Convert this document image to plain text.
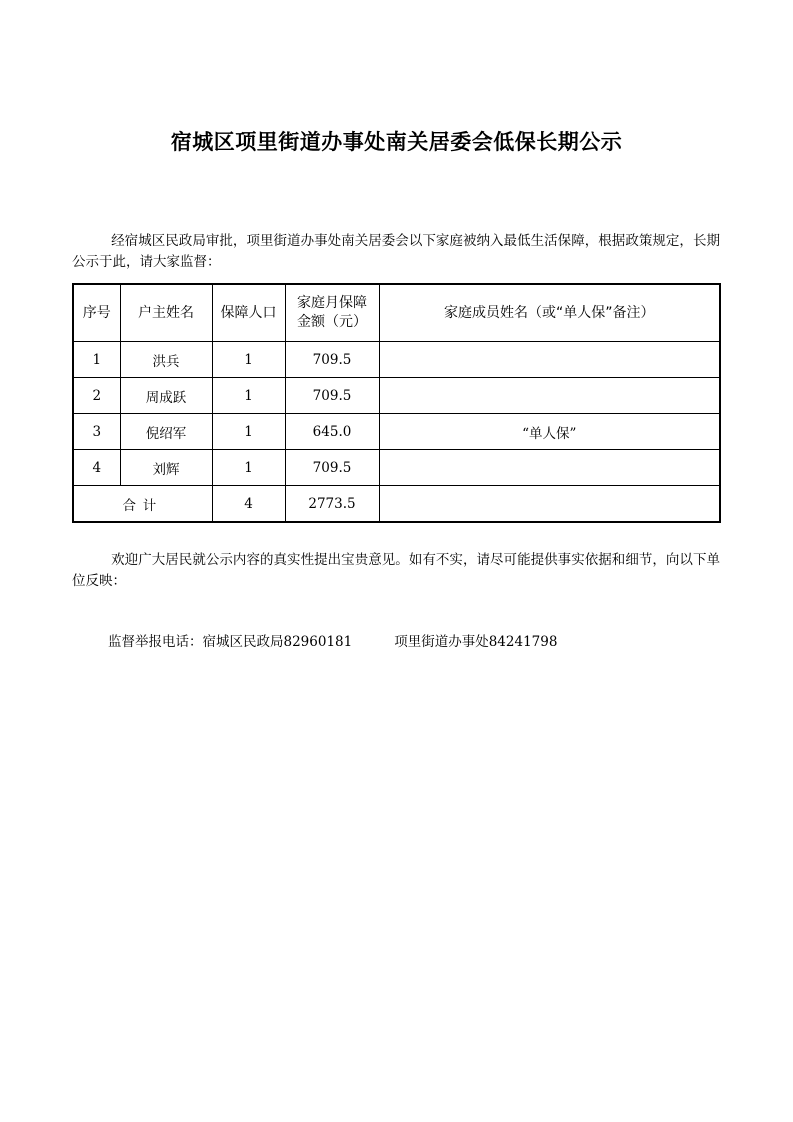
宿城区项里街道办事处南关居委会低保长期公示

经宿城区民政局审批，项里街道办事处南关居委会以下家庭被纳入最低生活保障，根据政策规定，长期公示于此，请大家监督：

序号	户主姓名	保障人口	家庭月保障
金额（元）	家庭成员姓名（或“单人保”备注）
1	洪兵	1	709.5	
2	周成跃	1	709.5	
3	倪绍军	1	645.0	“单人保”
4	刘辉	1	709.5	
合计		4	2773.5	

欢迎广大居民就公示内容的真实性提出宝贵意见。如有不实，请尽可能提供事实依据和细节，向以下单位反映：

监督举报电话：宿城区民政局82960181	项里街道办事处84241798
